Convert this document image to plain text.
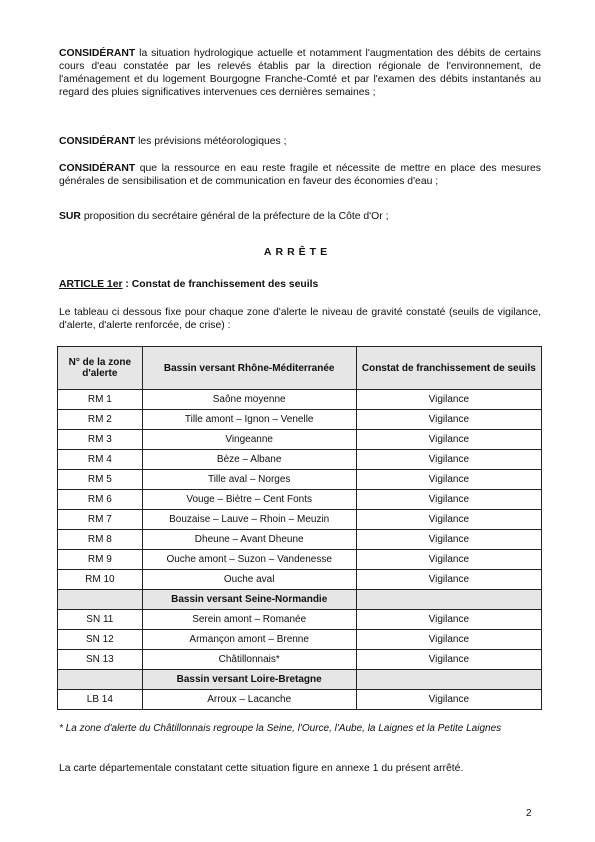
CONSIDÉRANT la situation hydrologique actuelle et notamment l'augmentation des débits de certains cours d'eau constatée par les relevés établis par la direction régionale de l'environnement, de l'aménagement et du logement Bourgogne Franche-Comté et par l'examen des débits instantanés au regard des pluies significatives intervenues ces dernières semaines ;

CONSIDÉRANT les prévisions météorologiques ;

CONSIDÉRANT que la ressource en eau reste fragile et nécessite de mettre en place des mesures générales de sensibilisation et de communication en faveur des économies d'eau ;

SUR proposition du secrétaire général de la préfecture de la Côte d'Or ;

ARRÊTE
ARTICLE 1er : Constat de franchissement des seuils

Le tableau ci dessous fixe pour chaque zone d'alerte le niveau de gravité constaté (seuils de vigilance, d'alerte, d'alerte renforcée, de crise) :

N° de la zone d'alerte	Bassin versant Rhône-Méditerranée	Constat de franchissement de seuils
RM 1	Saône moyenne	Vigilance
RM 2	Tille amont – Ignon – Venelle	Vigilance
RM 3	Vingeanne	Vigilance
RM 4	Bèze – Albane	Vigilance
RM 5	Tille aval – Norges	Vigilance
RM 6	Vouge – Biètre – Cent Fonts	Vigilance
RM 7	Bouzaise – Lauve – Rhoin – Meuzin	Vigilance
RM 8	Dheune – Avant Dheune	Vigilance
RM 9	Ouche amont – Suzon – Vandenesse	Vigilance
RM 10	Ouche aval	Vigilance
	Bassin versant Seine-Normandie	
SN 11	Serein amont – Romanée	Vigilance
SN 12	Armançon amont – Brenne	Vigilance
SN 13	Châtillonnais*	Vigilance
	Bassin versant Loire-Bretagne	
LB 14	Arroux – Lacanche	Vigilance
* La zone d'alerte du Châtillonnais regroupe la Seine, l'Ource, l'Aube, la Laignes et la Petite Laignes
La carte départementale constatant cette situation figure en annexe 1 du présent arrêté.
2
